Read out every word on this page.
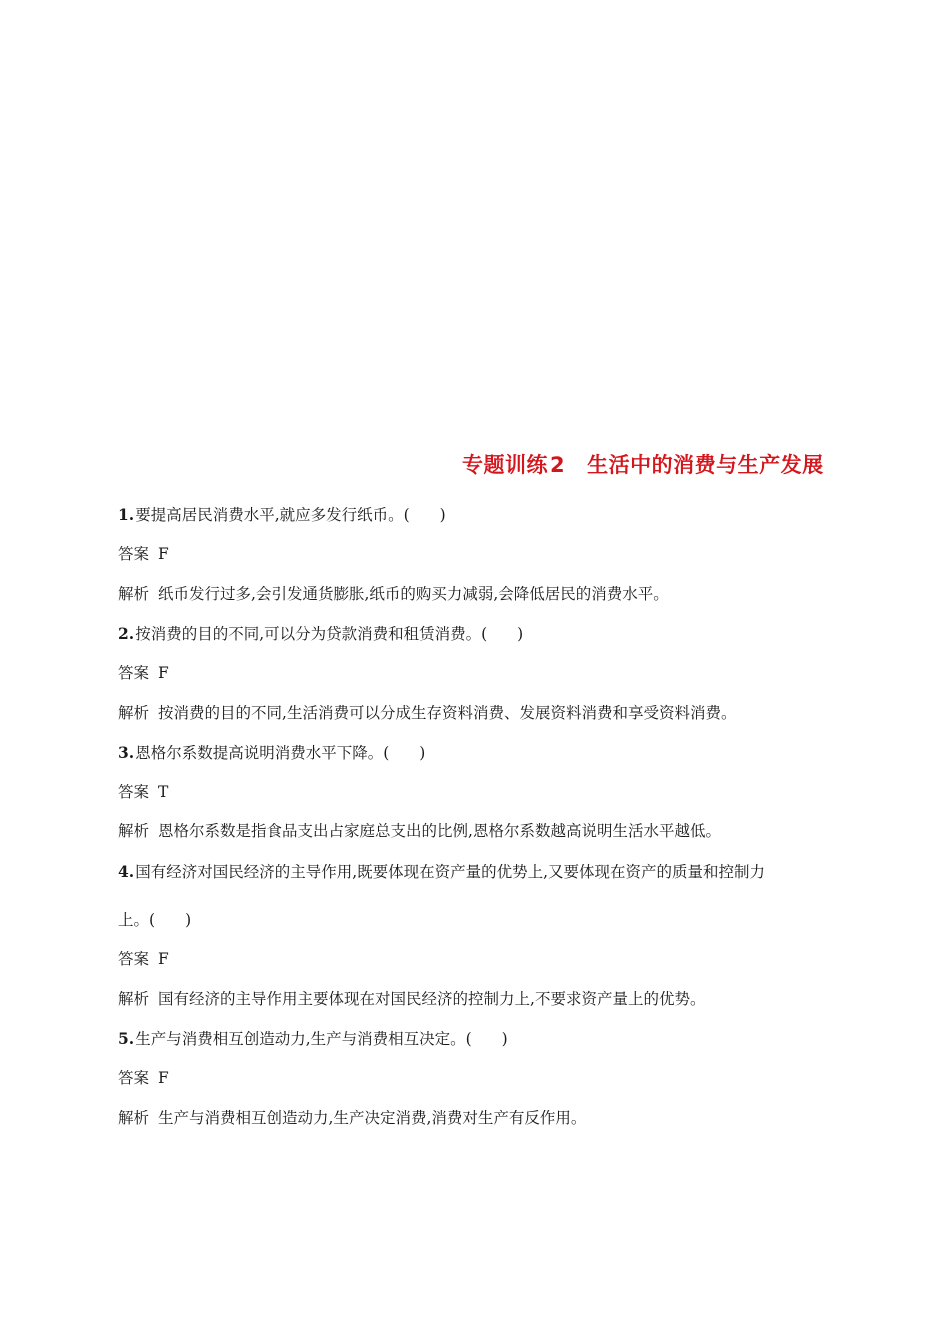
专题训练2 生活中的消费与生产发展
1.要提高居民消费水平,就应多发行纸币。( )
答案 F
解析 纸币发行过多,会引发通货膨胀,纸币的购买力减弱,会降低居民的消费水平。
2.按消费的目的不同,可以分为贷款消费和租赁消费。( )
答案 F
解析 按消费的目的不同,生活消费可以分成生存资料消费、发展资料消费和享受资料消费。
3.恩格尔系数提高说明消费水平下降。( )
答案 T
解析 恩格尔系数是指食品支出占家庭总支出的比例,恩格尔系数越高说明生活水平越低。
4.国有经济对国民经济的主导作用,既要体现在资产量的优势上,又要体现在资产的质量和控制力
上。( )
答案 F
解析 国有经济的主导作用主要体现在对国民经济的控制力上,不要求资产量上的优势。
5.生产与消费相互创造动力,生产与消费相互决定。( )
答案 F
解析 生产与消费相互创造动力,生产决定消费,消费对生产有反作用。
